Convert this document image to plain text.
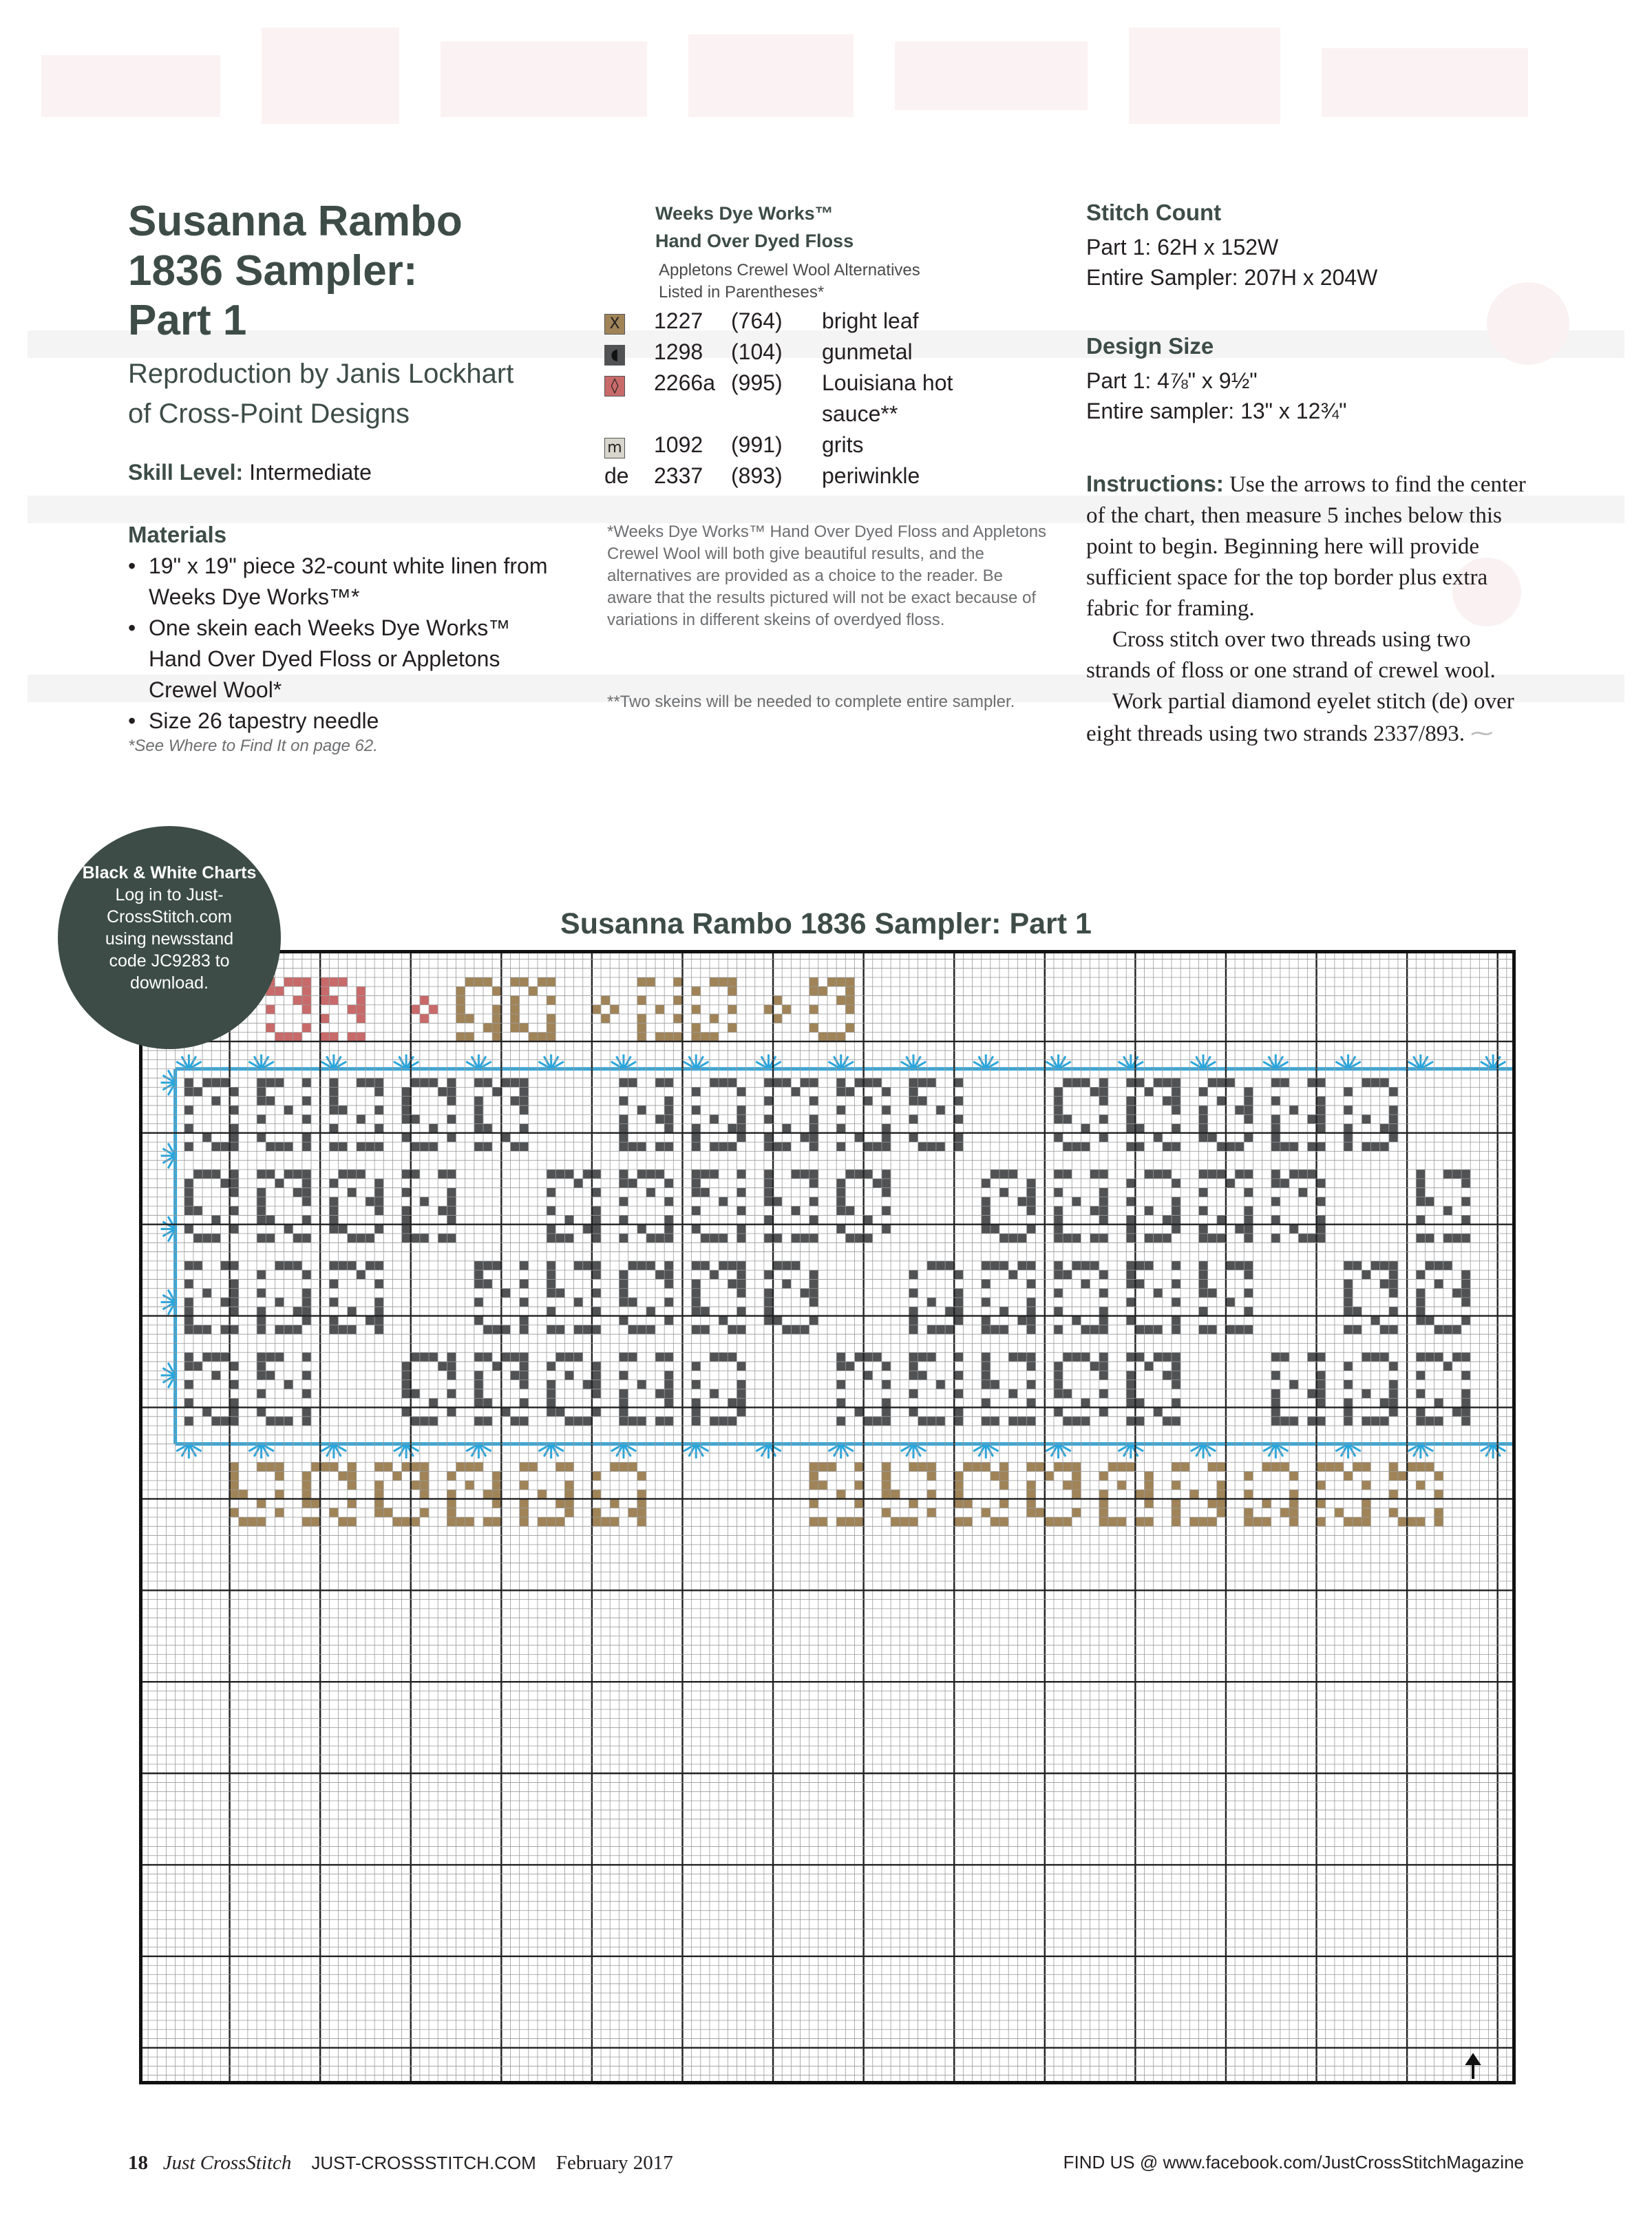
Susanna Rambo
1836 Sampler:
Part 1
Reproduction by Janis Lockhart
of Cross-Point Designs
Skill Level: Intermediate
Materials
• 19" x 19" piece 32-count white linen from Weeks Dye Works™*
• One skein each Weeks Dye Works™ Hand Over Dyed Floss or Appletons Crewel Wool*
• Size 26 tapestry needle
*See Where to Find It on page 62.
Weeks Dye Works™
Hand Over Dyed Floss
Appletons Crewel Wool Alternatives
Listed in Parentheses*
X	1227	(764)	bright leaf
◖	1298	(104)	gunmetal
◊	2266a	(995)	Louisiana hot
			sauce**
m	1092	(991)	grits
de	2337	(893)	periwinkle
*Weeks Dye Works™ Hand Over Dyed Floss and Appletons Crewel Wool will both give beautiful results, and the alternatives are provided as a choice to the reader. Be aware that the results pictured will not be exact because of variations in different skeins of overdyed floss.
**Two skeins will be needed to complete entire sampler.
Stitch Count
Part 1: 62H x 152W
Entire Sampler: 207H x 204W
Design Size
Part 1: 4⅞" x 9½"
Entire sampler: 13" x 12¾"

Instructions: Use the arrows to find the center of the chart, then measure 5 inches below this point to begin. Beginning here will provide sufficient space for the top border plus extra fabric for framing.

Cross stitch over two threads using two strands of floss or one strand of crewel wool.

Work partial diamond eyelet stitch (de) over eight threads using two strands 2337/893. ⁓

Susanna Rambo 1836 Sampler: Part 1
Black & White Charts
Log in to Just-
CrossStitch.com
using newsstand
code JC9283 to
download.
18 Just CrossStitch JUST-CROSSSTITCH.COM February 2017	FIND US @ www.facebook.com/JustCrossStitchMagazine
